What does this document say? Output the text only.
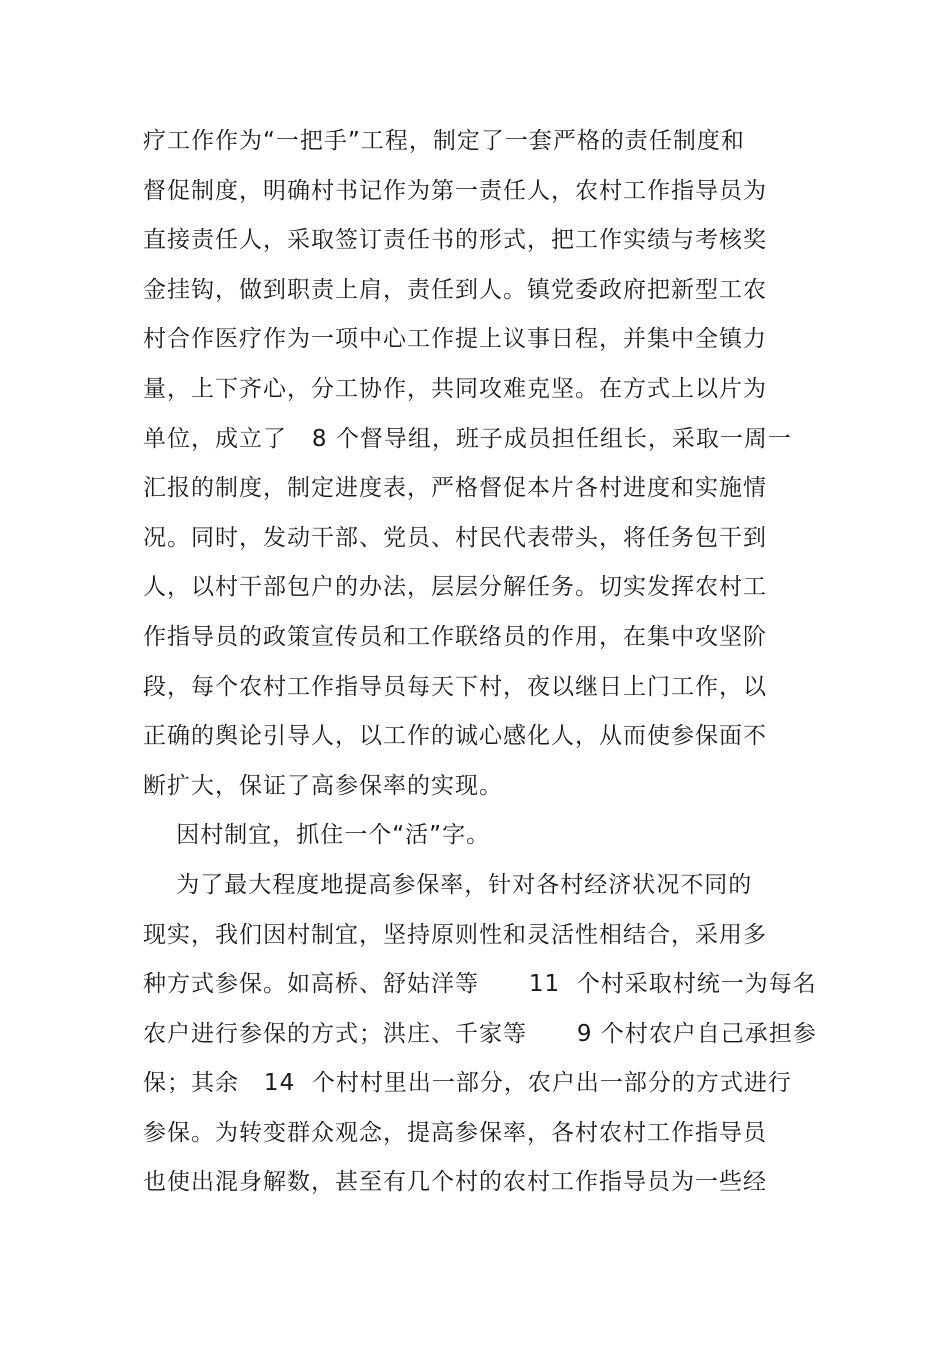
疗工作作为“一把手”工程，制定了一套严格的责任制度和
督促制度，明确村书记作为第一责任人，农村工作指导员为
直接责任人，采取签订责任书的形式，把工作实绩与考核奖
金挂钩，做到职责上肩，责任到人。镇党委政府把新型工农
村合作医疗作为一项中心工作提上议事日程，并集中全镇力
量，上下齐心，分工协作，共同攻难克坚。在方式上以片为
单位，成立了   8 个督导组，班子成员担任组长，采取一周一
汇报的制度，制定进度表，严格督促本片各村进度和实施情
况。同时，发动干部、党员、村民代表带头，将任务包干到
人，以村干部包户的办法，层层分解任务。切实发挥农村工
作指导员的政策宣传员和工作联络员的作用，在集中攻坚阶
段，每个农村工作指导员每天下村，夜以继日上门工作，以
正确的舆论引导人，以工作的诚心感化人，从而使参保面不
断扩大，保证了高参保率的实现。
因村制宜，抓住一个“活”字。
为了最大程度地提高参保率，针对各村经济状况不同的
现实，我们因村制宜，坚持原则性和灵活性相结合，采用多
种方式参保。如高桥、舒姑洋等      11  个村采取村统一为每名
农户进行参保的方式；洪庄、千家等      9 个村农户自己承担参
保；其余   14  个村村里出一部分，农户出一部分的方式进行
参保。为转变群众观念，提高参保率，各村农村工作指导员
也使出混身解数，甚至有几个村的农村工作指导员为一些经
